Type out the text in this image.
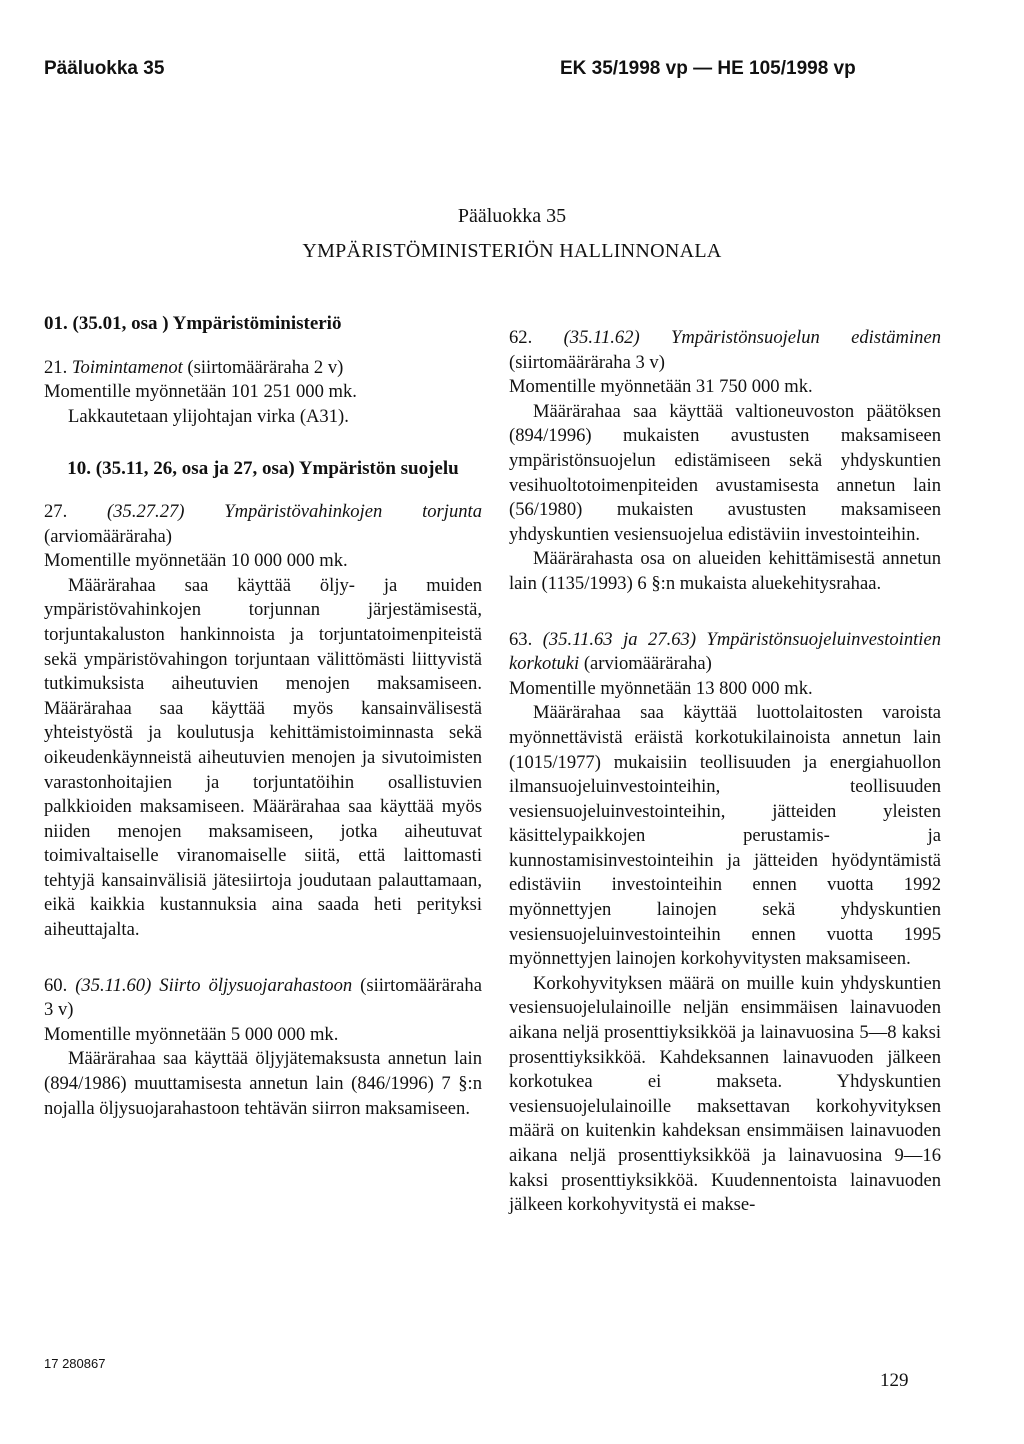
Pääluokka 35	EK 35/1998 vp — HE 105/1998 vp
Pääluokka 35
YMPÄRISTÖMINISTERIÖN HALLINNONALA

01. (35.01, osa ) Ympäristöministeriö

21. Toimintamenot (siirtomääräraha 2 v)

Momentille myönnetään 101 251 000 mk.

Lakkautetaan ylijohtajan virka (A31).

10. (35.11, 26, osa ja 27, osa) Ympäristön suojelu

27. (35.27.27) Ympäristövahinkojen torjunta (arviomääräraha)

Momentille myönnetään 10 000 000 mk.

Määrärahaa saa käyttää öljy- ja muiden ympäristövahinkojen torjunnan järjestämisestä, torjuntakaluston hankinnoista ja torjuntatoimenpiteistä sekä ympäristövahingon torjuntaan välittömästi liittyvistä tutkimuksista aiheutuvien menojen maksamiseen. Määrärahaa saa käyttää myös kansainvälisestä yhteistyöstä ja koulutusja kehittämistoiminnasta sekä oikeudenkäynneistä aiheutuvien menojen ja sivutoimisten varastonhoitajien ja torjuntatöihin osallistuvien palkkioiden maksamiseen. Määrärahaa saa käyttää myös niiden menojen maksamiseen, jotka aiheutuvat toimivaltaiselle viranomaiselle siitä, että laittomasti tehtyjä kansainvälisiä jätesiirtoja joudutaan palauttamaan, eikä kaikkia kustannuksia aina saada heti perityksi aiheuttajalta.

60. (35.11.60) Siirto öljysuojarahastoon (siirtomääräraha 3 v)

Momentille myönnetään 5 000 000 mk.

Määrärahaa saa käyttää öljyjätemaksusta annetun lain (894/1986) muuttamisesta annetun lain (846/1996) 7 §:n nojalla öljysuojarahastoon tehtävän siirron maksamiseen.

62. (35.11.62) Ympäristönsuojelun edistäminen (siirtomääräraha 3 v)

Momentille myönnetään 31 750 000 mk.

Määrärahaa saa käyttää valtioneuvoston päätöksen (894/1996) mukaisten avustusten maksamiseen ympäristönsuojelun edistämiseen sekä yhdyskuntien vesihuoltotoimenpiteiden avustamisesta annetun lain (56/1980) mukaisten avustusten maksamiseen yhdyskuntien vesiensuojelua edistäviin investointeihin.

Määrärahasta osa on alueiden kehittämisestä annetun lain (1135/1993) 6 §:n mukaista aluekehitysrahaa.

63. (35.11.63 ja 27.63) Ympäristönsuojeluinvestointien korkotuki (arviomääräraha)

Momentille myönnetään 13 800 000 mk.

Määrärahaa saa käyttää luottolaitosten varoista myönnettävistä eräistä korkotukilainoista annetun lain (1015/1977) mukaisiin teollisuuden ja energiahuollon ilmansuojeluinvestointeihin, teollisuuden vesiensuojeluinvestointeihin, jätteiden yleisten käsittelypaikkojen perustamis- ja kunnostamisinvestointeihin ja jätteiden hyödyntämistä edistäviin investointeihin ennen vuotta 1992 myönnettyjen lainojen sekä yhdyskuntien vesiensuojeluinvestointeihin ennen vuotta 1995 myönnettyjen lainojen korkohyvitysten maksamiseen.

Korkohyvityksen määrä on muille kuin yhdyskuntien vesiensuojelulainoille neljän ensimmäisen lainavuoden aikana neljä prosenttiyksikköä ja lainavuosina 5—8 kaksi prosenttiyksikköä. Kahdeksannen lainavuoden jälkeen korkotukea ei makseta. Yhdyskuntien vesiensuojelulainoille maksettavan korkohyvityksen määrä on kuitenkin kahdeksan ensimmäisen lainavuoden aikana neljä prosenttiyksikköä ja lainavuosina 9—16 kaksi prosenttiyksikköä. Kuudennentoista lainavuoden jälkeen korkohyvitystä ei makse-

17 280867
129
